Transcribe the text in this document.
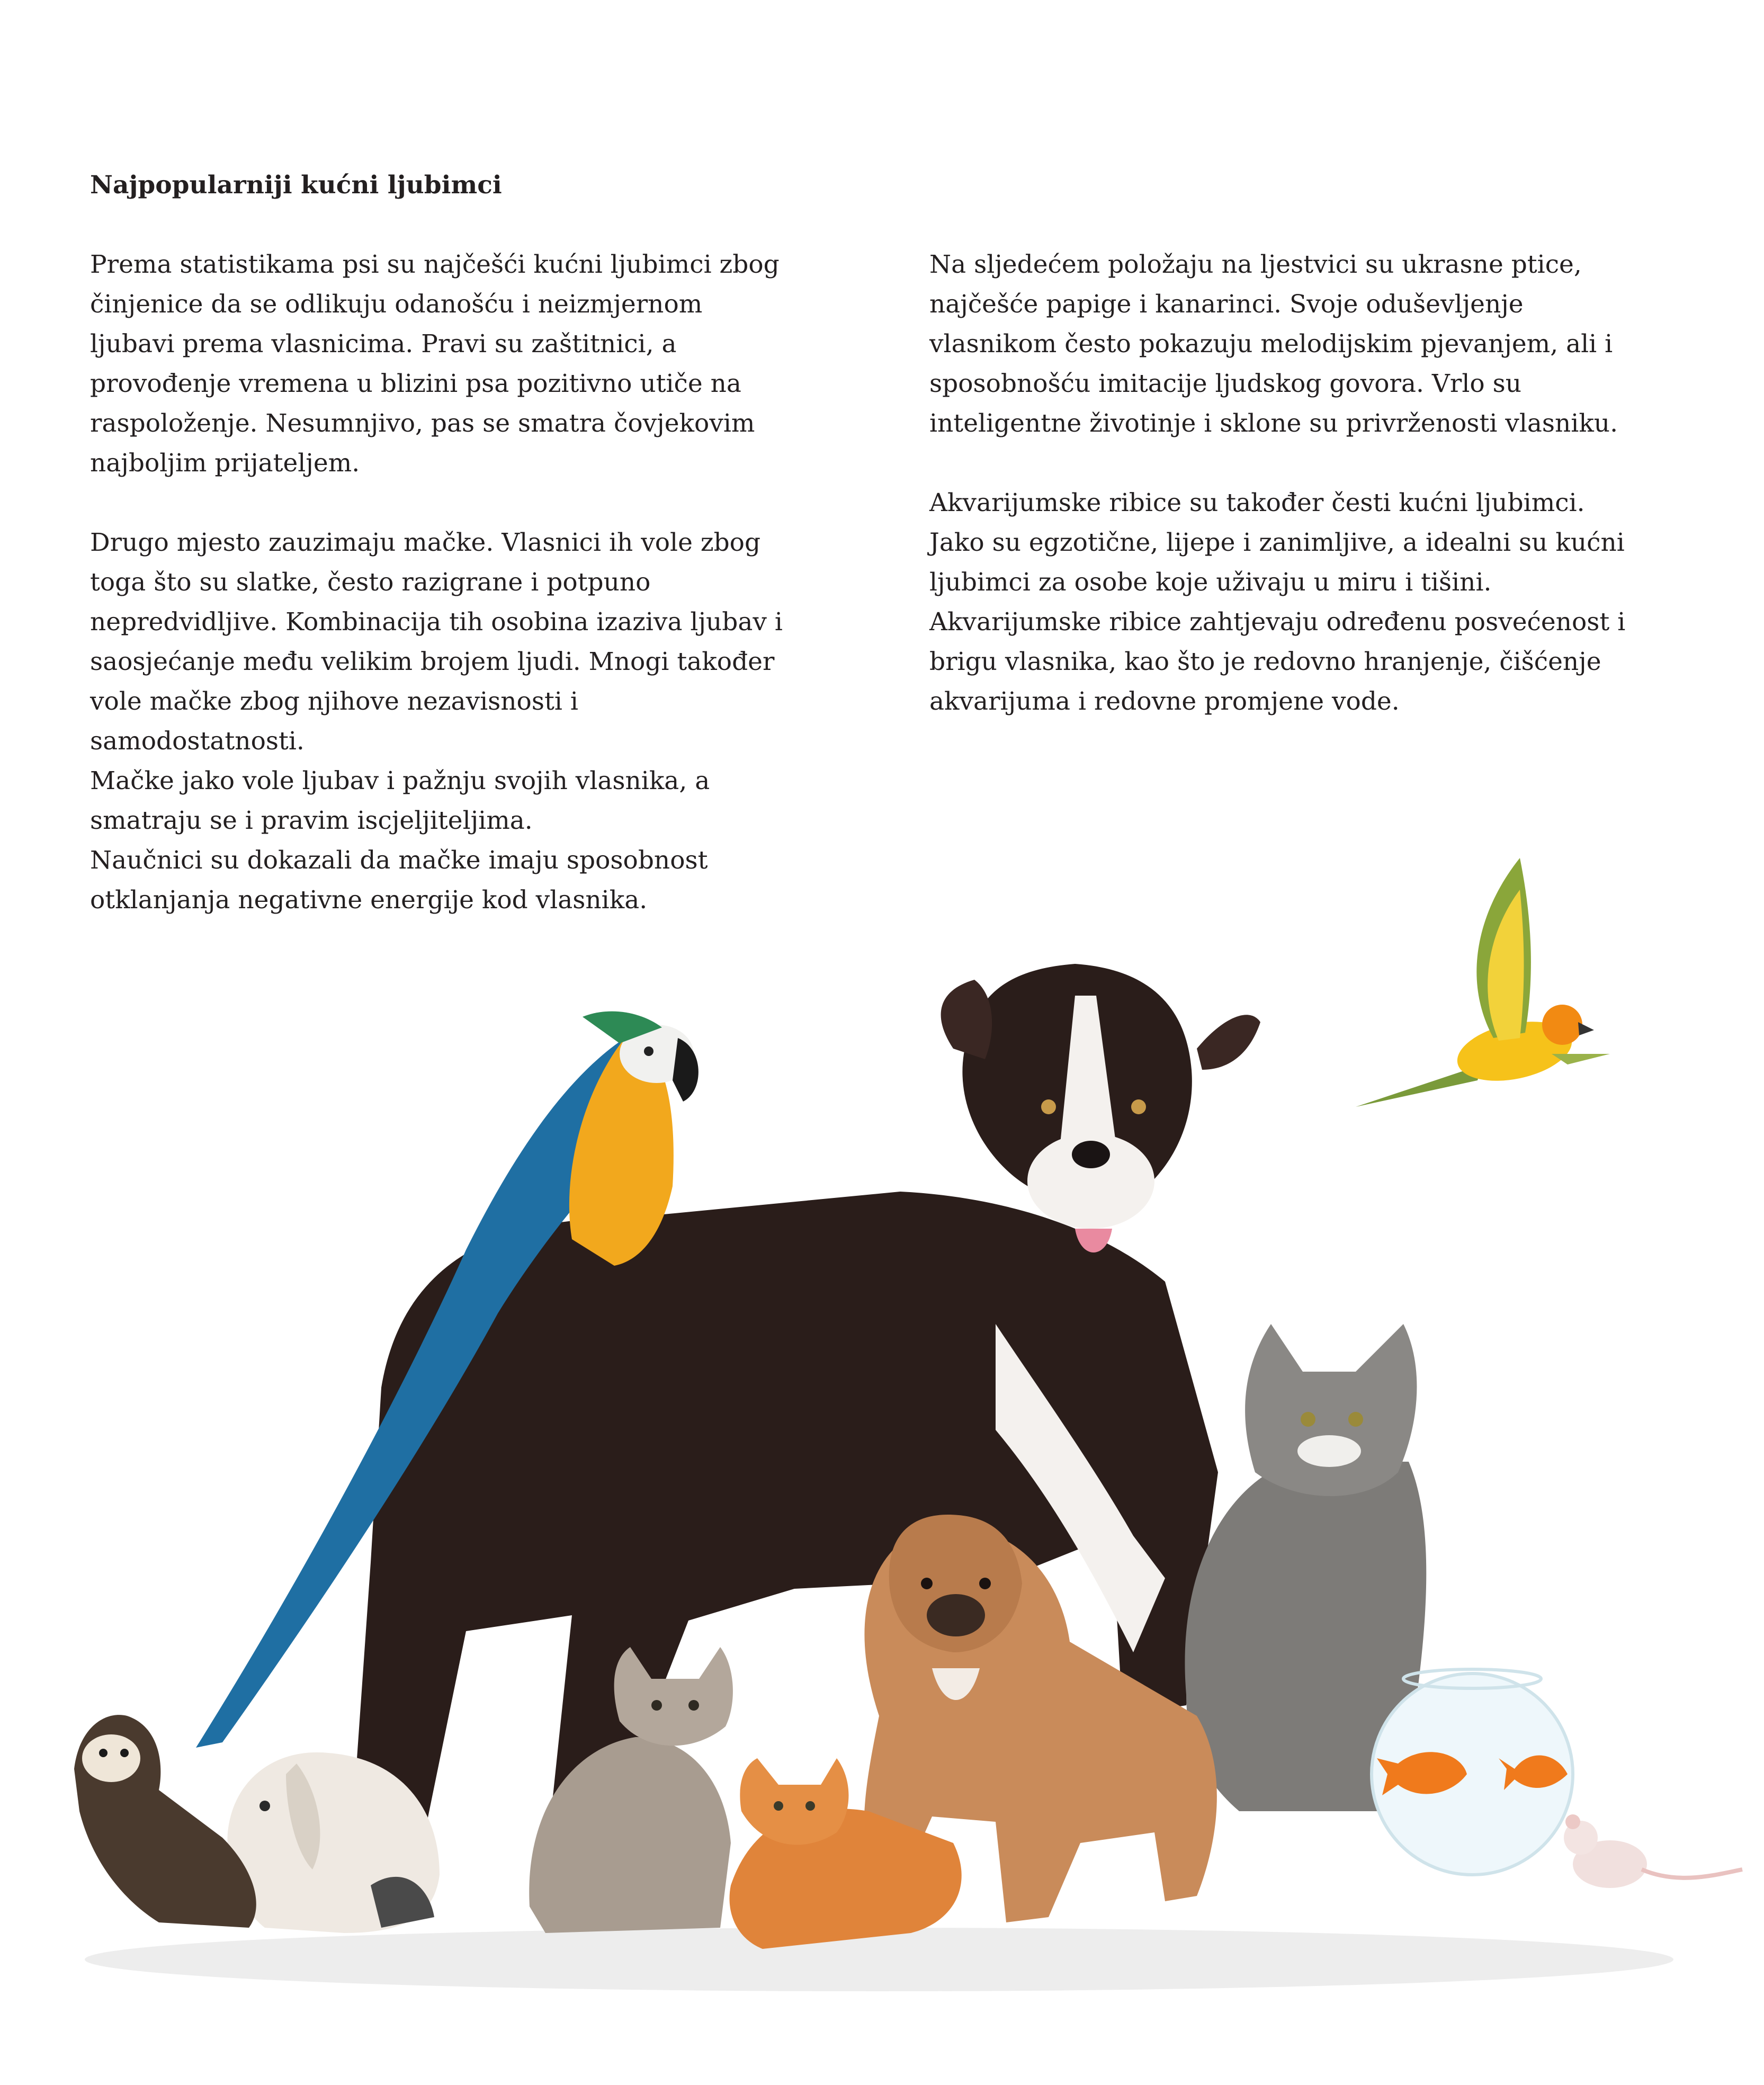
Najpopularniji kućni ljubimci

Prema statistikama psi su najčešći kućni ljubimci zbog
činjenice da se odlikuju odanošću i neizmjernom
ljubavi prema vlasnicima. Pravi su zaštitnici, a
provođenje vremena u blizini psa pozitivno utiče na
raspoloženje. Nesumnjivo, pas se smatra čovjekovim
najboljim prijateljem.

Drugo mjesto zauzimaju mačke. Vlasnici ih vole zbog
toga što su slatke, često razigrane i potpuno
nepredvidljive. Kombinacija tih osobina izaziva ljubav i
saosjećanje među velikim brojem ljudi. Mnogi također
vole mačke zbog njihove nezavisnosti i
samodostatnosti.

Mačke jako vole ljubav i pažnju svojih vlasnika, a
smatraju se i pravim iscjeljiteljima.

Naučnici su dokazali da mačke imaju sposobnost
otklanjanja negativne energije kod vlasnika.

Na sljedećem položaju na ljestvici su ukrasne ptice,
najčešće papige i kanarinci. Svoje oduševljenje
vlasnikom često pokazuju melodijskim pjevanjem, ali i
sposobnošću imitacije ljudskog govora. Vrlo su
inteligentne životinje i sklone su privrženosti vlasniku.

Akvarijumske ribice su također česti kućni ljubimci.
Jako su egzotične, lijepe i zanimljive, a idealni su kućni
ljubimci za osobe koje uživaju u miru i tišini.
Akvarijumske ribice zahtjevaju određenu posvećenost i
brigu vlasnika, kao što je redovno hranjenje, čišćenje
akvarijuma i redovne promjene vode.
